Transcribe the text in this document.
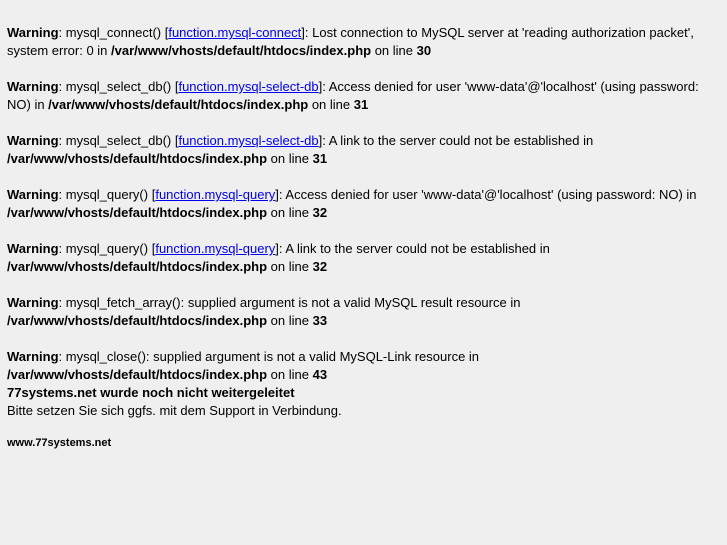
Warning: mysql_connect() [function.mysql-connect]: Lost connection to MySQL server at 'reading authorization packet', system error: 0 in /var/www/vhosts/default/htdocs/index.php on line 30
Warning: mysql_select_db() [function.mysql-select-db]: Access denied for user 'www-data'@'localhost' (using password: NO) in /var/www/vhosts/default/htdocs/index.php on line 31
Warning: mysql_select_db() [function.mysql-select-db]: A link to the server could not be established in
/var/www/vhosts/default/htdocs/index.php on line 31
Warning: mysql_query() [function.mysql-query]: Access denied for user 'www-data'@'localhost' (using password: NO) in /var/www/vhosts/default/htdocs/index.php on line 32
Warning: mysql_query() [function.mysql-query]: A link to the server could not be established in
/var/www/vhosts/default/htdocs/index.php on line 32
Warning: mysql_fetch_array(): supplied argument is not a valid MySQL result resource in
/var/www/vhosts/default/htdocs/index.php on line 33
Warning: mysql_close(): supplied argument is not a valid MySQL-Link resource in
/var/www/vhosts/default/htdocs/index.php on line 43
77systems.net wurde noch nicht weitergeleitet
Bitte setzen Sie sich ggfs. mit dem Support in Verbindung.
www.77systems.net
